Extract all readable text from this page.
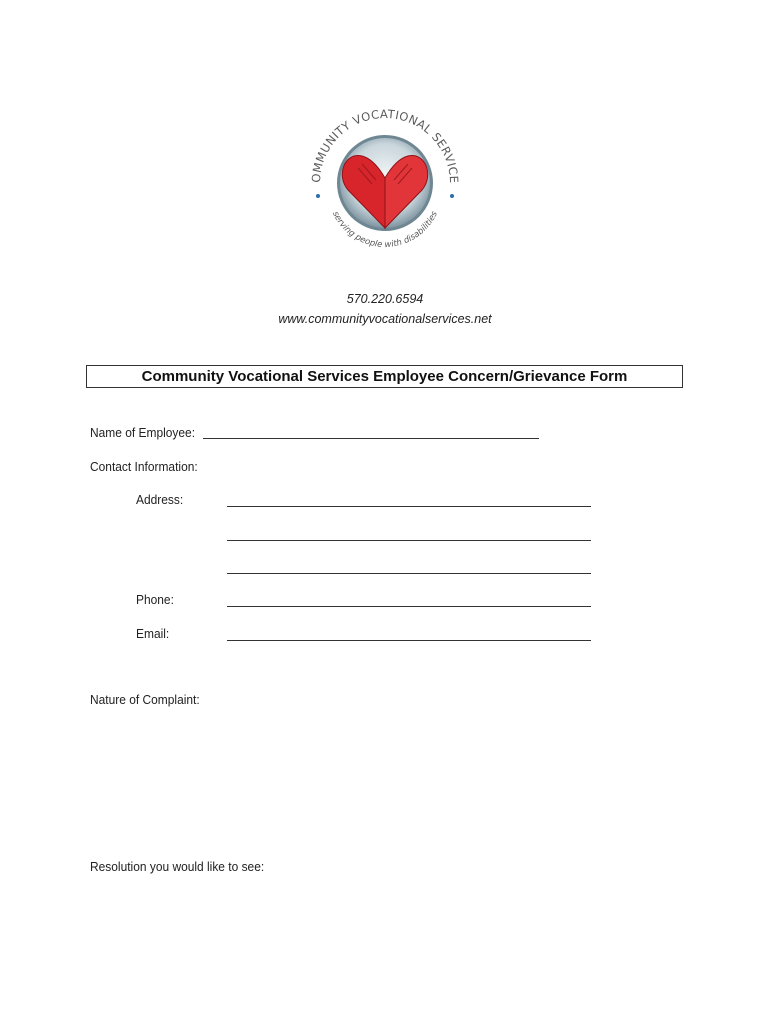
OMMUNITY VOCATIONAL SERVICE
serving people with disabilities
570.220.6594
www.communityvocationalservices.net
Community Vocational Services Employee Concern/Grievance Form
Name of Employee:
Contact Information:
Address:
Phone:
Email:
Nature of Complaint:
Resolution you would like to see:
